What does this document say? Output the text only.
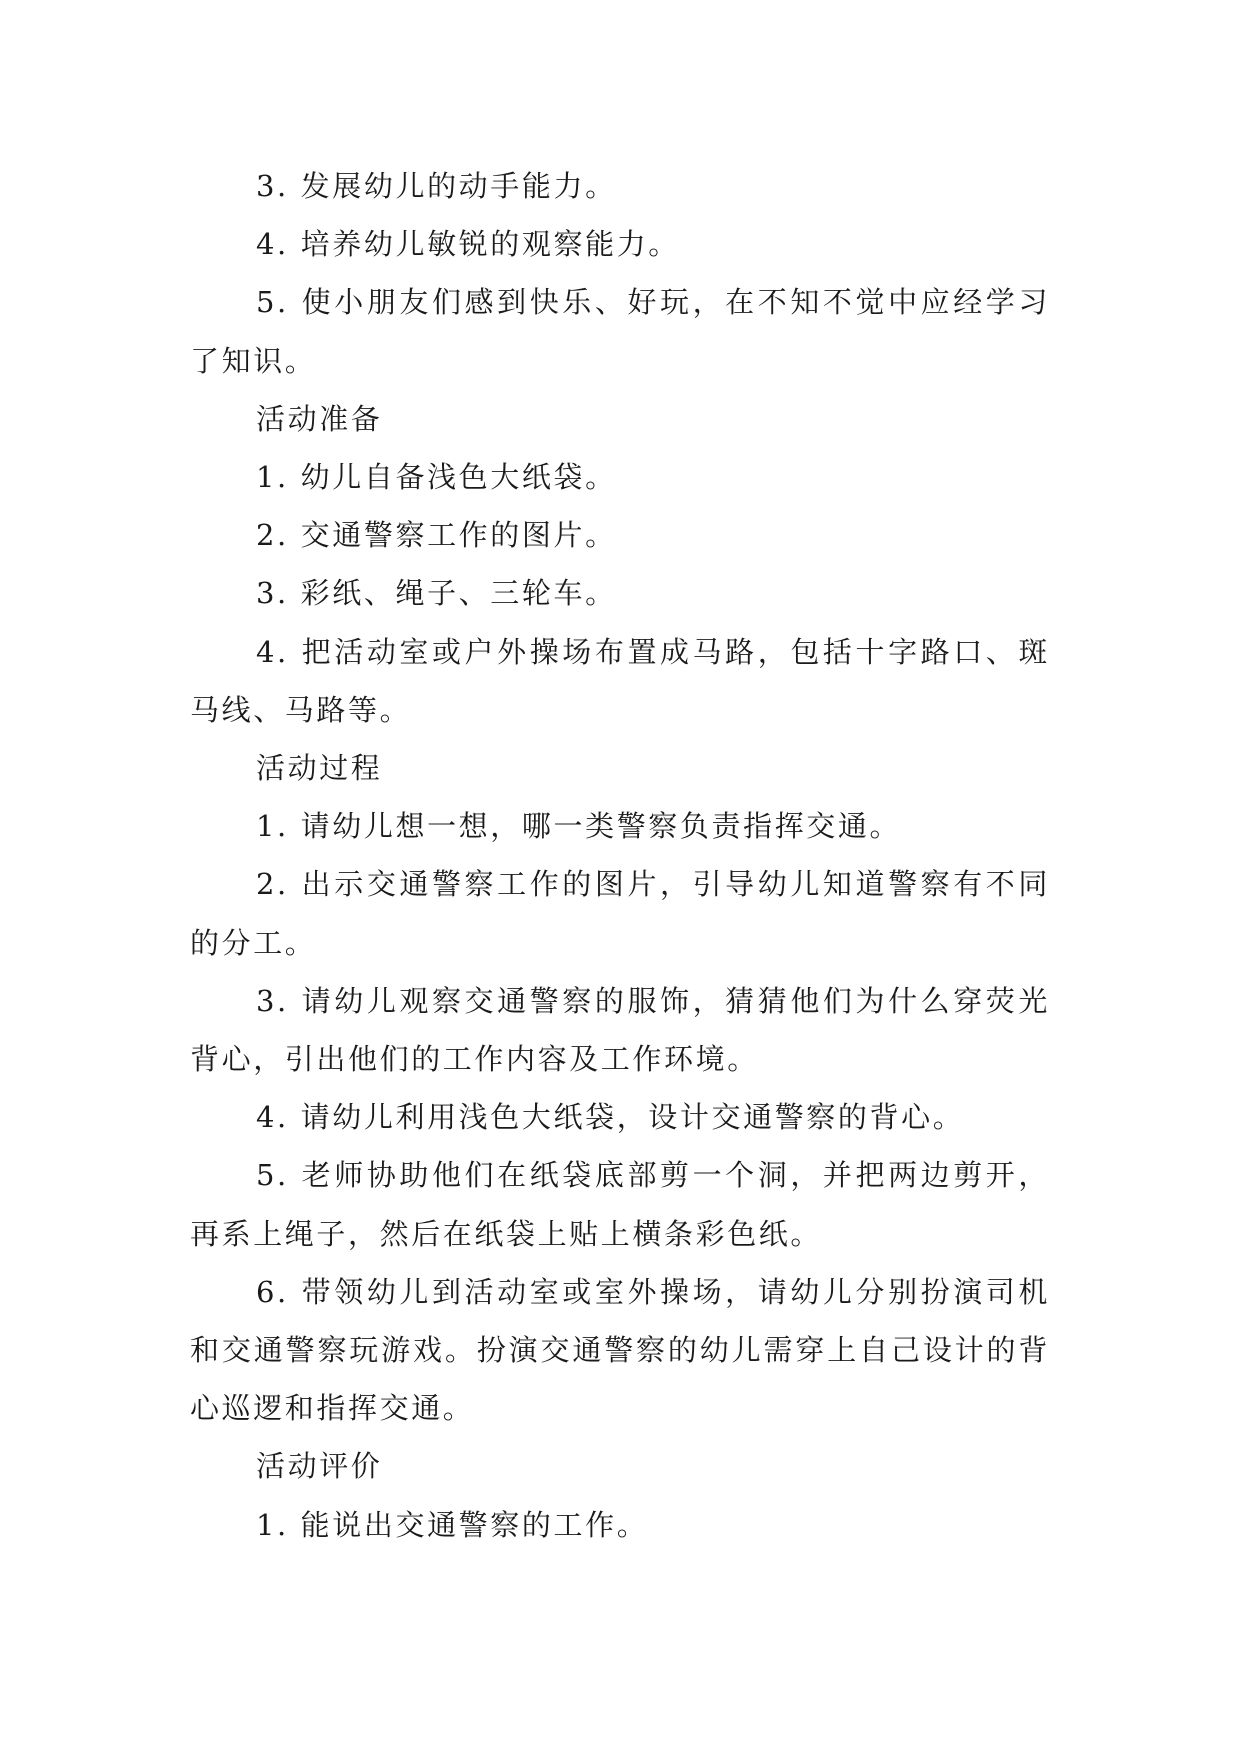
3. 发展幼儿的动手能力。

4. 培养幼儿敏锐的观察能力。

5. 使小朋友们感到快乐、好玩，在不知不觉中应经学习了知识。

活动准备

1. 幼儿自备浅色大纸袋。

2. 交通警察工作的图片。

3. 彩纸、绳子、三轮车。

4. 把活动室或户外操场布置成马路，包括十字路口、斑马线、马路等。

活动过程

1. 请幼儿想一想，哪一类警察负责指挥交通。

2. 出示交通警察工作的图片，引导幼儿知道警察有不同的分工。

3. 请幼儿观察交通警察的服饰，猜猜他们为什么穿荧光背心，引出他们的工作内容及工作环境。

4. 请幼儿利用浅色大纸袋，设计交通警察的背心。

5. 老师协助他们在纸袋底部剪一个洞，并把两边剪开，再系上绳子，然后在纸袋上贴上横条彩色纸。

6. 带领幼儿到活动室或室外操场，请幼儿分别扮演司机和交通警察玩游戏。扮演交通警察的幼儿需穿上自己设计的背心巡逻和指挥交通。

活动评价

1. 能说出交通警察的工作。
